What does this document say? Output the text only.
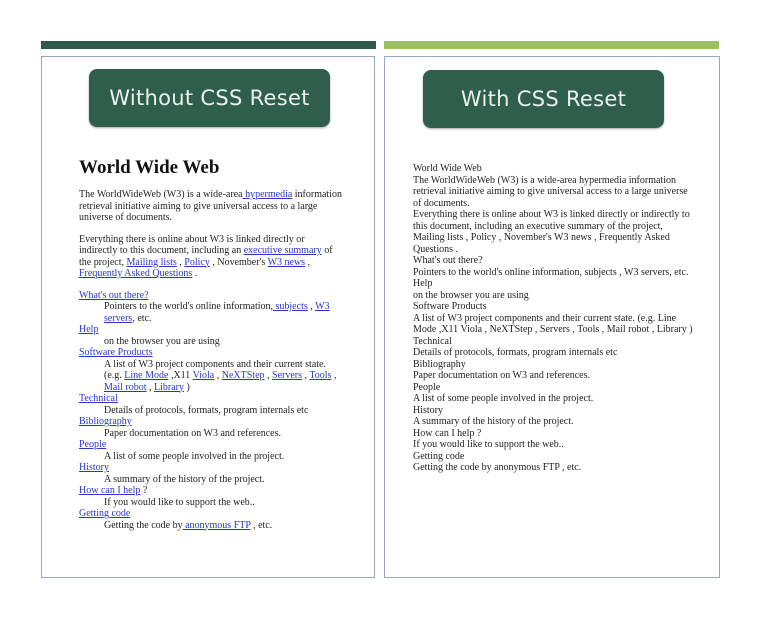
Without CSS Reset
World Wide Web

The WorldWideWeb (W3) is a wide-area hypermedia information retrieval initiative aiming to give universal access to a large universe of documents.

Everything there is online about W3 is linked directly or indirectly to this document, including an executive summary of the project, Mailing lists , Policy , November's W3 news , Frequently Asked Questions .

What's out there?
Pointers to the world's online information, subjects , W3 servers, etc.
Help
on the browser you are using
Software Products
A list of W3 project components and their current state. (e.g. Line Mode ,X11 Viola , NeXTStep , Servers , Tools , Mail robot , Library )
Technical
Details of protocols, formats, program internals etc
Bibliography
Paper documentation on W3 and references.
People
A list of some people involved in the project.
History
A summary of the history of the project.
How can I help ?
If you would like to support the web..
Getting code
Getting the code by anonymous FTP , etc.
With CSS Reset
World Wide Web
The WorldWideWeb (W3) is a wide-area hypermedia information retrieval initiative aiming to give universal access to a large universe of documents.
Everything there is online about W3 is linked directly or indirectly to this document, including an executive summary of the project, Mailing lists , Policy , November's W3 news , Frequently Asked Questions .
What's out there?
Pointers to the world's online information, subjects , W3 servers, etc.
Help
on the browser you are using
Software Products
A list of W3 project components and their current state. (e.g. Line Mode ,X11 Viola , NeXTStep , Servers , Tools , Mail robot , Library )
Technical
Details of protocols, formats, program internals etc
Bibliography
Paper documentation on W3 and references.
People
A list of some people involved in the project.
History
A summary of the history of the project.
How can I help ?
If you would like to support the web..
Getting code
Getting the code by anonymous FTP , etc.
